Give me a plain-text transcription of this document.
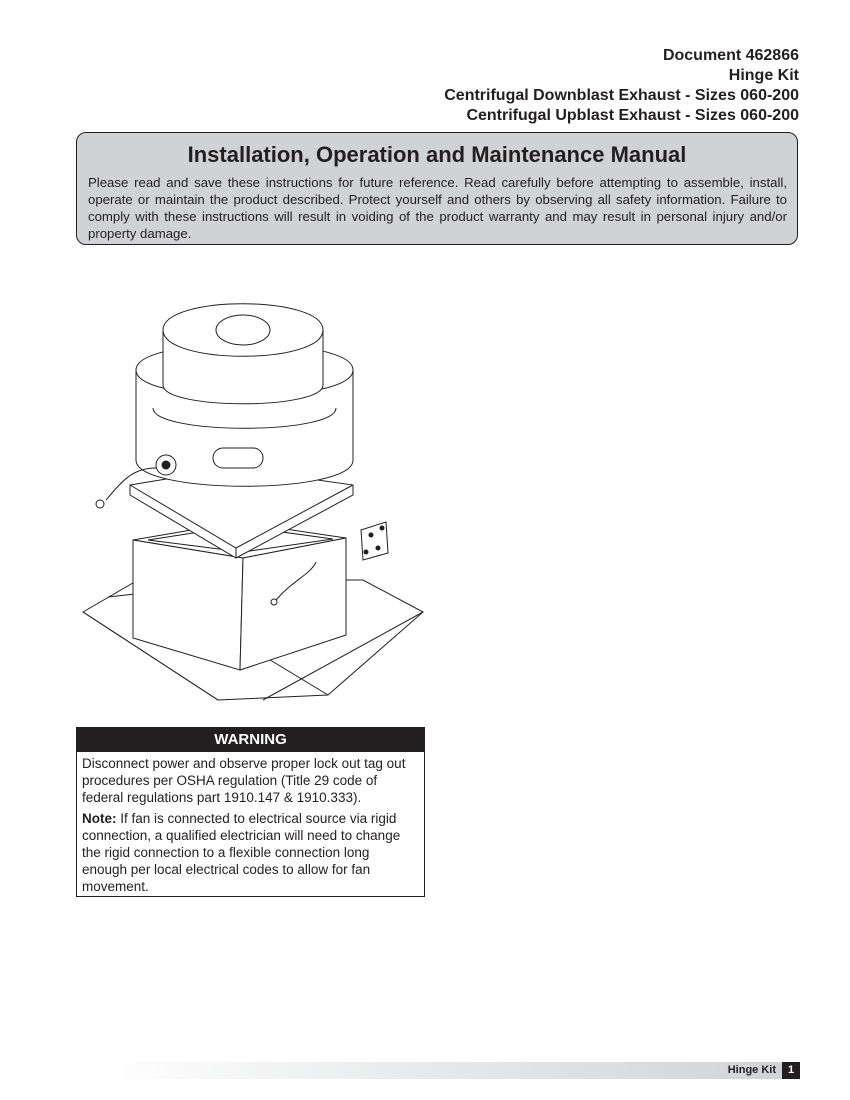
Document 462866
Hinge Kit
Centrifugal Downblast Exhaust - Sizes 060-200
Centrifugal Upblast Exhaust - Sizes 060-200
Installation, Operation and Maintenance Manual
Please read and save these instructions for future reference. Read carefully before attempting to assemble, install, operate or maintain the product described. Protect yourself and others by observing all safety information. Failure to comply with these instructions will result in voiding of the product warranty and may result in personal injury and/or property damage.
WARNING

Disconnect power and observe proper lock out tag out procedures per OSHA regulation (Title 29 code of federal regulations part 1910.147 & 1910.333).

Note: If fan is connected to electrical source via rigid connection, a qualified electrician will need to change the rigid connection to a flexible connection long enough per local electrical codes to allow for fan movement.

Hinge Kit	1
